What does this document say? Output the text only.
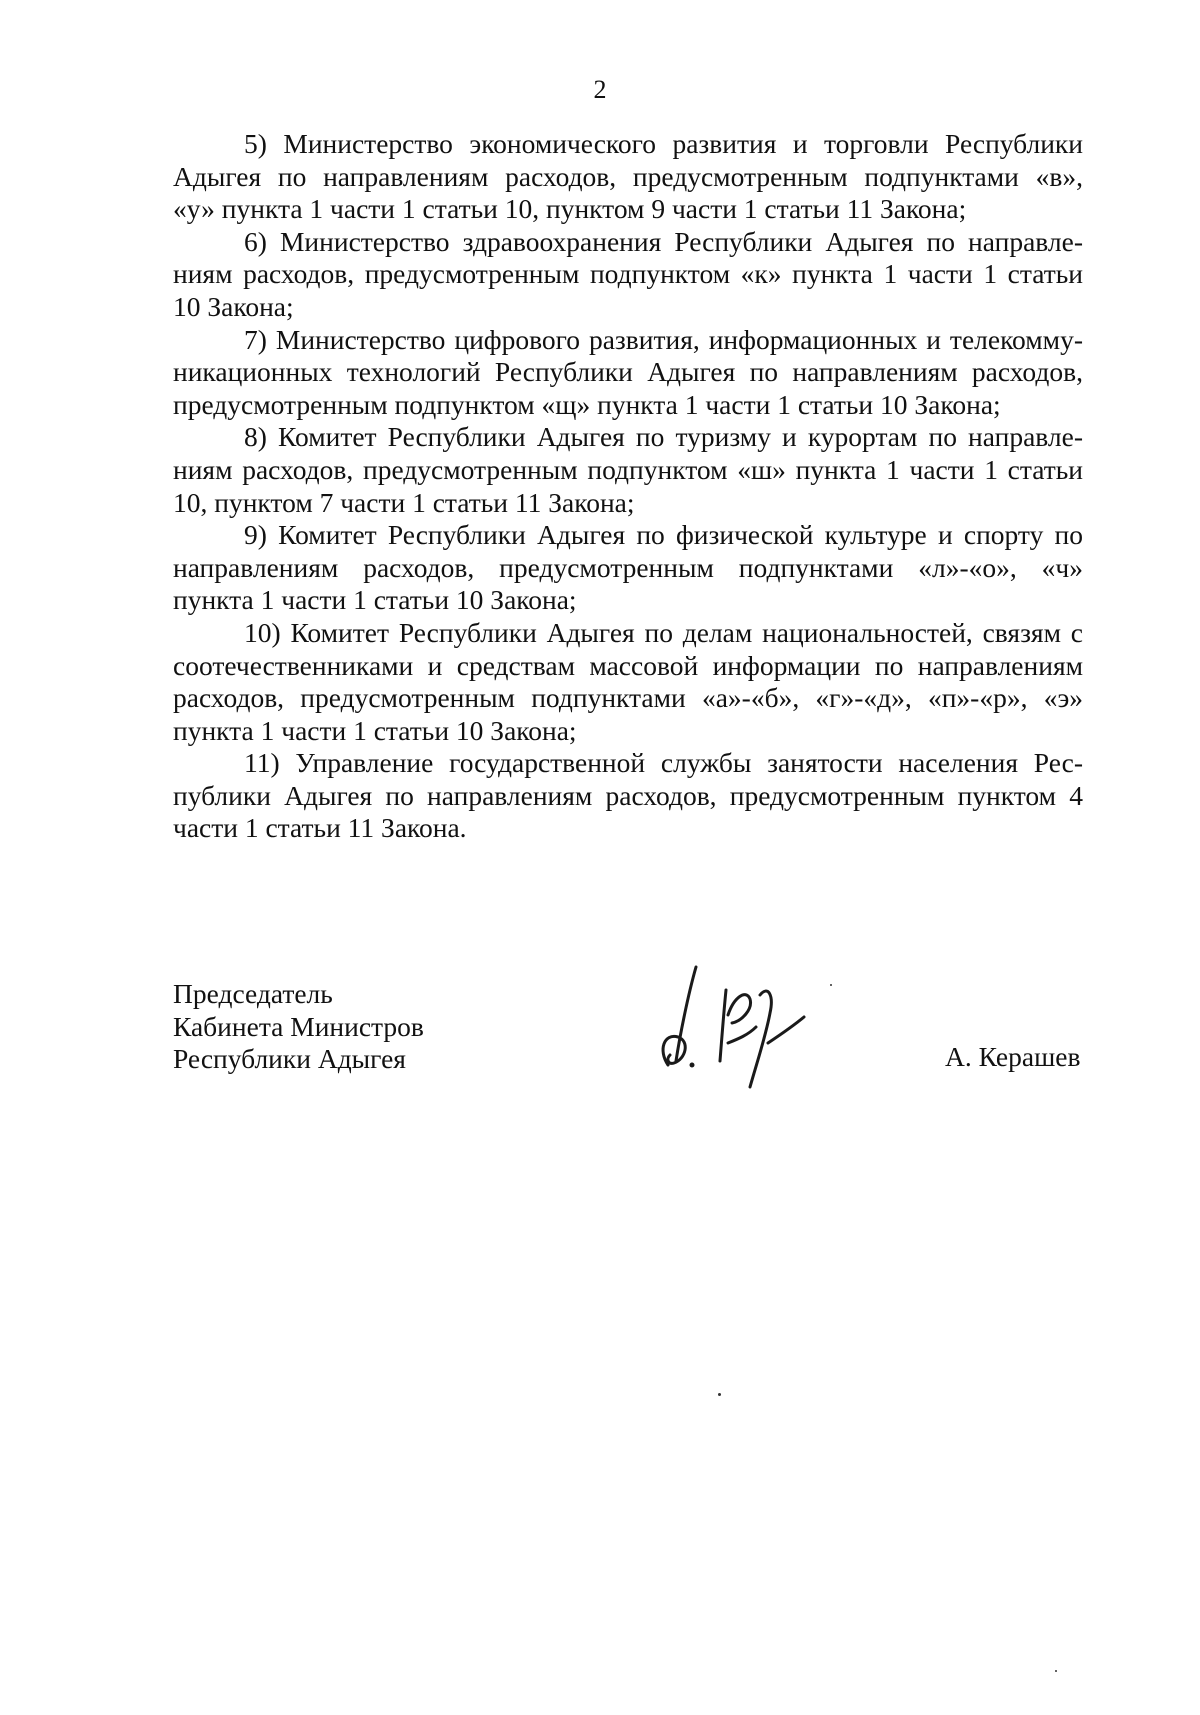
2

5) Министерство экономического развития и торговли Республики
Адыгея по направлениям расходов, предусмотренным подпунктами «в»,
«у» пункта 1 части 1 статьи 10, пунктом 9 части 1 статьи 11 Закона;

6) Министерство здравоохранения Республики Адыгея по направле-
ниям расходов, предусмотренным подпунктом «к» пункта 1 части 1 статьи
10 Закона;

7) Министерство цифрового развития, информационных и телекомму-
никационных технологий Республики Адыгея по направлениям расходов,
предусмотренным подпунктом «щ» пункта 1 части 1 статьи 10 Закона;

8) Комитет Республики Адыгея по туризму и курортам по направле-
ниям расходов, предусмотренным подпунктом «ш» пункта 1 части 1 статьи
10, пунктом 7 части 1 статьи 11 Закона;

9) Комитет Республики Адыгея по физической культуре и спорту по
направлениям расходов, предусмотренным подпунктами «л»-«о», «ч»
пункта 1 части 1 статьи 10 Закона;

10) Комитет Республики Адыгея по делам национальностей, связям с
соотечественниками и средствам массовой информации по направлениям
расходов, предусмотренным подпунктами «а»-«б», «г»-«д», «п»-«р», «э»
пункта 1 части 1 статьи 10 Закона;

11) Управление государственной службы занятости населения Рес-
публики Адыгея по направлениям расходов, предусмотренным пунктом 4
части 1 статьи 11 Закона.

Председатель
Кабинета Министров
Республики Адыгея	А. Керашев
